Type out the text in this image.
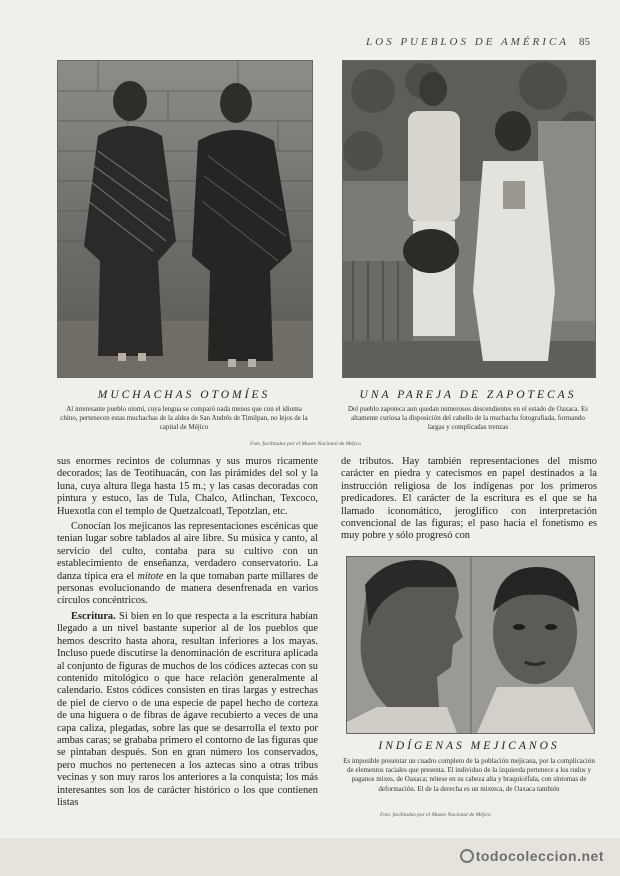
LOS PUEBLOS DE AMÉRICA 85
MUCHACHAS OTOMÍES
Al interesante pueblo otomí, cuya lengua se comparó nada menos que con el idioma chino, pertenecen estas muchachas de la aldea de San Andrés de Timilpan, no lejos de la capital de Méjico
UNA PAREJA DE ZAPOTECAS
Del pueblo zapoteca aun quedan numerosos descendientes en el estado de Oaxaca. Es altamente curiosa la disposición del cabello de la muchacha fotografiada, formando largas y complicadas trenzas
Fots. facilitadas por el Museo Nacional de Méjico

sus enormes recintos de columnas y sus muros ricamente decorados; las de Teotihuacán, con las pirámides del sol y la luna, cuya altura llega hasta 15 m.; y las casas decoradas con pintura y estuco, las de Tula, Chalco, Atlinchan, Texcoco, Huexotla con el templo de Quetzalcoatl, Tepotzlan, etc.

Conocían los mejicanos las representaciones escénicas que tenían lugar sobre tablados al aire libre. Su música y canto, al servicio del culto, contaba para su cultivo con un establecimiento de enseñanza, verdadero conservatorio. La danza típica era el mitote en la que tomaban parte millares de personas evolucionando de manera desenfrenada en varios círculos concéntricos.

Escritura. Si bien en lo que respecta a la escritura habían llegado a un nivel bastante superior al de los pueblos que hemos descrito hasta ahora, resultan inferiores a los mayas. Incluso puede discutirse la denominación de escritura aplicada al conjunto de figuras de muchos de los códices aztecas con su contenido mitológico o que hace relación generalmente al calendario. Estos códices consisten en tiras largas y estrechas de piel de ciervo o de una especie de papel hecho de corteza de una higuera o de fibras de ágave recubierto a veces de una capa caliza, plegadas, sobre las que se desarrolla el texto por ambas caras; se grababa primero el contorno de las figuras que se pintaban después. Son en gran número los conservados, pero muchos no pertenecen a los aztecas sino a otras tribus vecinas y son muy raros los anteriores a la conquista; los más interesantes son los de carácter histórico o los que contienen listas

de tributos. Hay también representaciones del mismo carácter en piedra y catecismos en papel destinados a la instrucción religiosa de los indígenas por los primeros predicadores. El carácter de la escritura es el que se ha llamado iconomático, jeroglífico con interpretación convencional de las figuras; el paso hacia el fonetismo es muy pobre y sólo progresó con

INDÍGENAS MEJICANOS
Es imposible presentar un cuadro completo de la población mejicana, por la complicación de elementos raciales que presenta. El individuo de la izquierda pertenece a los rudos y paganos mixes, de Oaxaca; nótese en su cabeza alta y braquicéfala, con síntomas de deformación. El de la derecha es un mixteca, de Oaxaca también
Fots. facilitadas por el Museo Nacional de Méjico
todocoleccion.net
